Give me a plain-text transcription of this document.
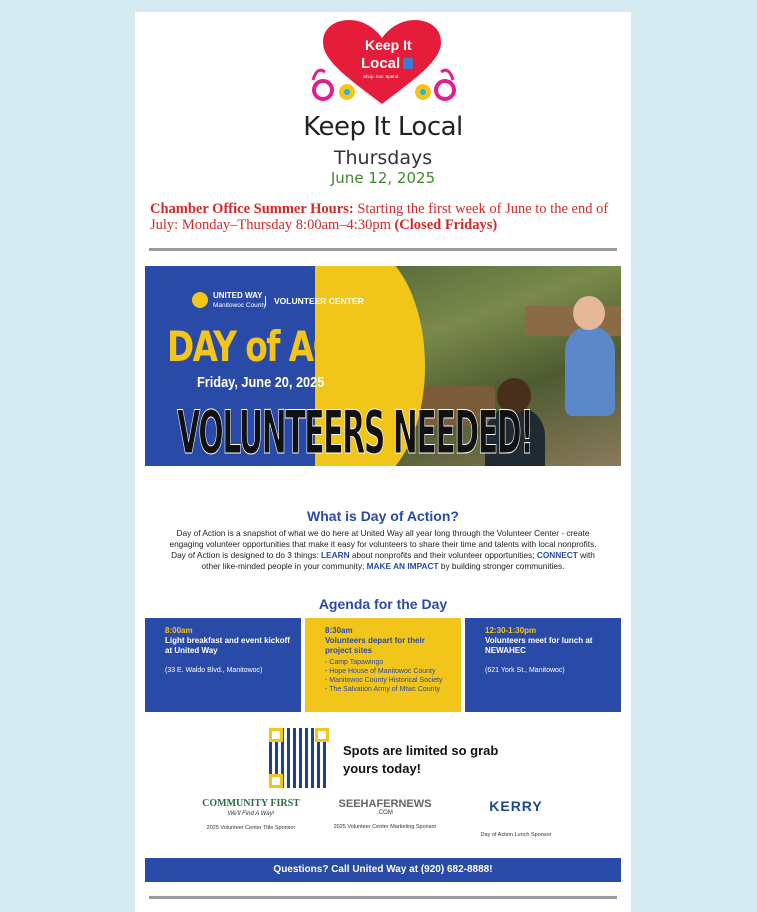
Keep It
Local
Shop. Eat. Spend.
Keep It Local
Thursdays
June 12, 2025
Chamber Office Summer Hours: Starting the first week of June to the end of July: Monday–Thursday 8:00am–4:30pm (Closed Fridays)
UNITED WAY
Manitowoc County VOLUNTEER CENTER
DAY of ACTION
Friday, June 20, 2025
VOLUNTEERS NEEDED!
What is Day of Action?
Day of Action is a snapshot of what we do here at United Way all year long through the Volunteer Center - create engaging volunteer opportunities that make it easy for volunteers to share their time and talents with local nonprofits. Day of Action is designed to do 3 things: LEARN about nonprofits and their volunteer opportunities; CONNECT with other like-minded people in your community; MAKE AN IMPACT by building stronger communities.
Agenda for the Day
8:00am
Light breakfast and event kickoff at United Way
(33 E. Waldo Blvd., Manitowoc)
8:30am
Volunteers depart for their project sites
- Camp Tapawingo
- Hope House of Manitowoc County
- Manitowoc County Historical Society
- The Salvation Army of Mtwc County
12:30-1:30pm
Volunteers meet for lunch at NEWAHEC
(621 York St., Manitowoc)
Spots are limited so grab
yours today!
COMMUNITY FIRST
We'll Find A Way!
2025 Volunteer Center Title Sponsor
SEEHAFERNEWS
.COM
2025 Volunteer Center Marketing Sponsor
KERRY
Day of Action Lunch Sponsor
Questions? Call United Way at (920) 682-8888!
